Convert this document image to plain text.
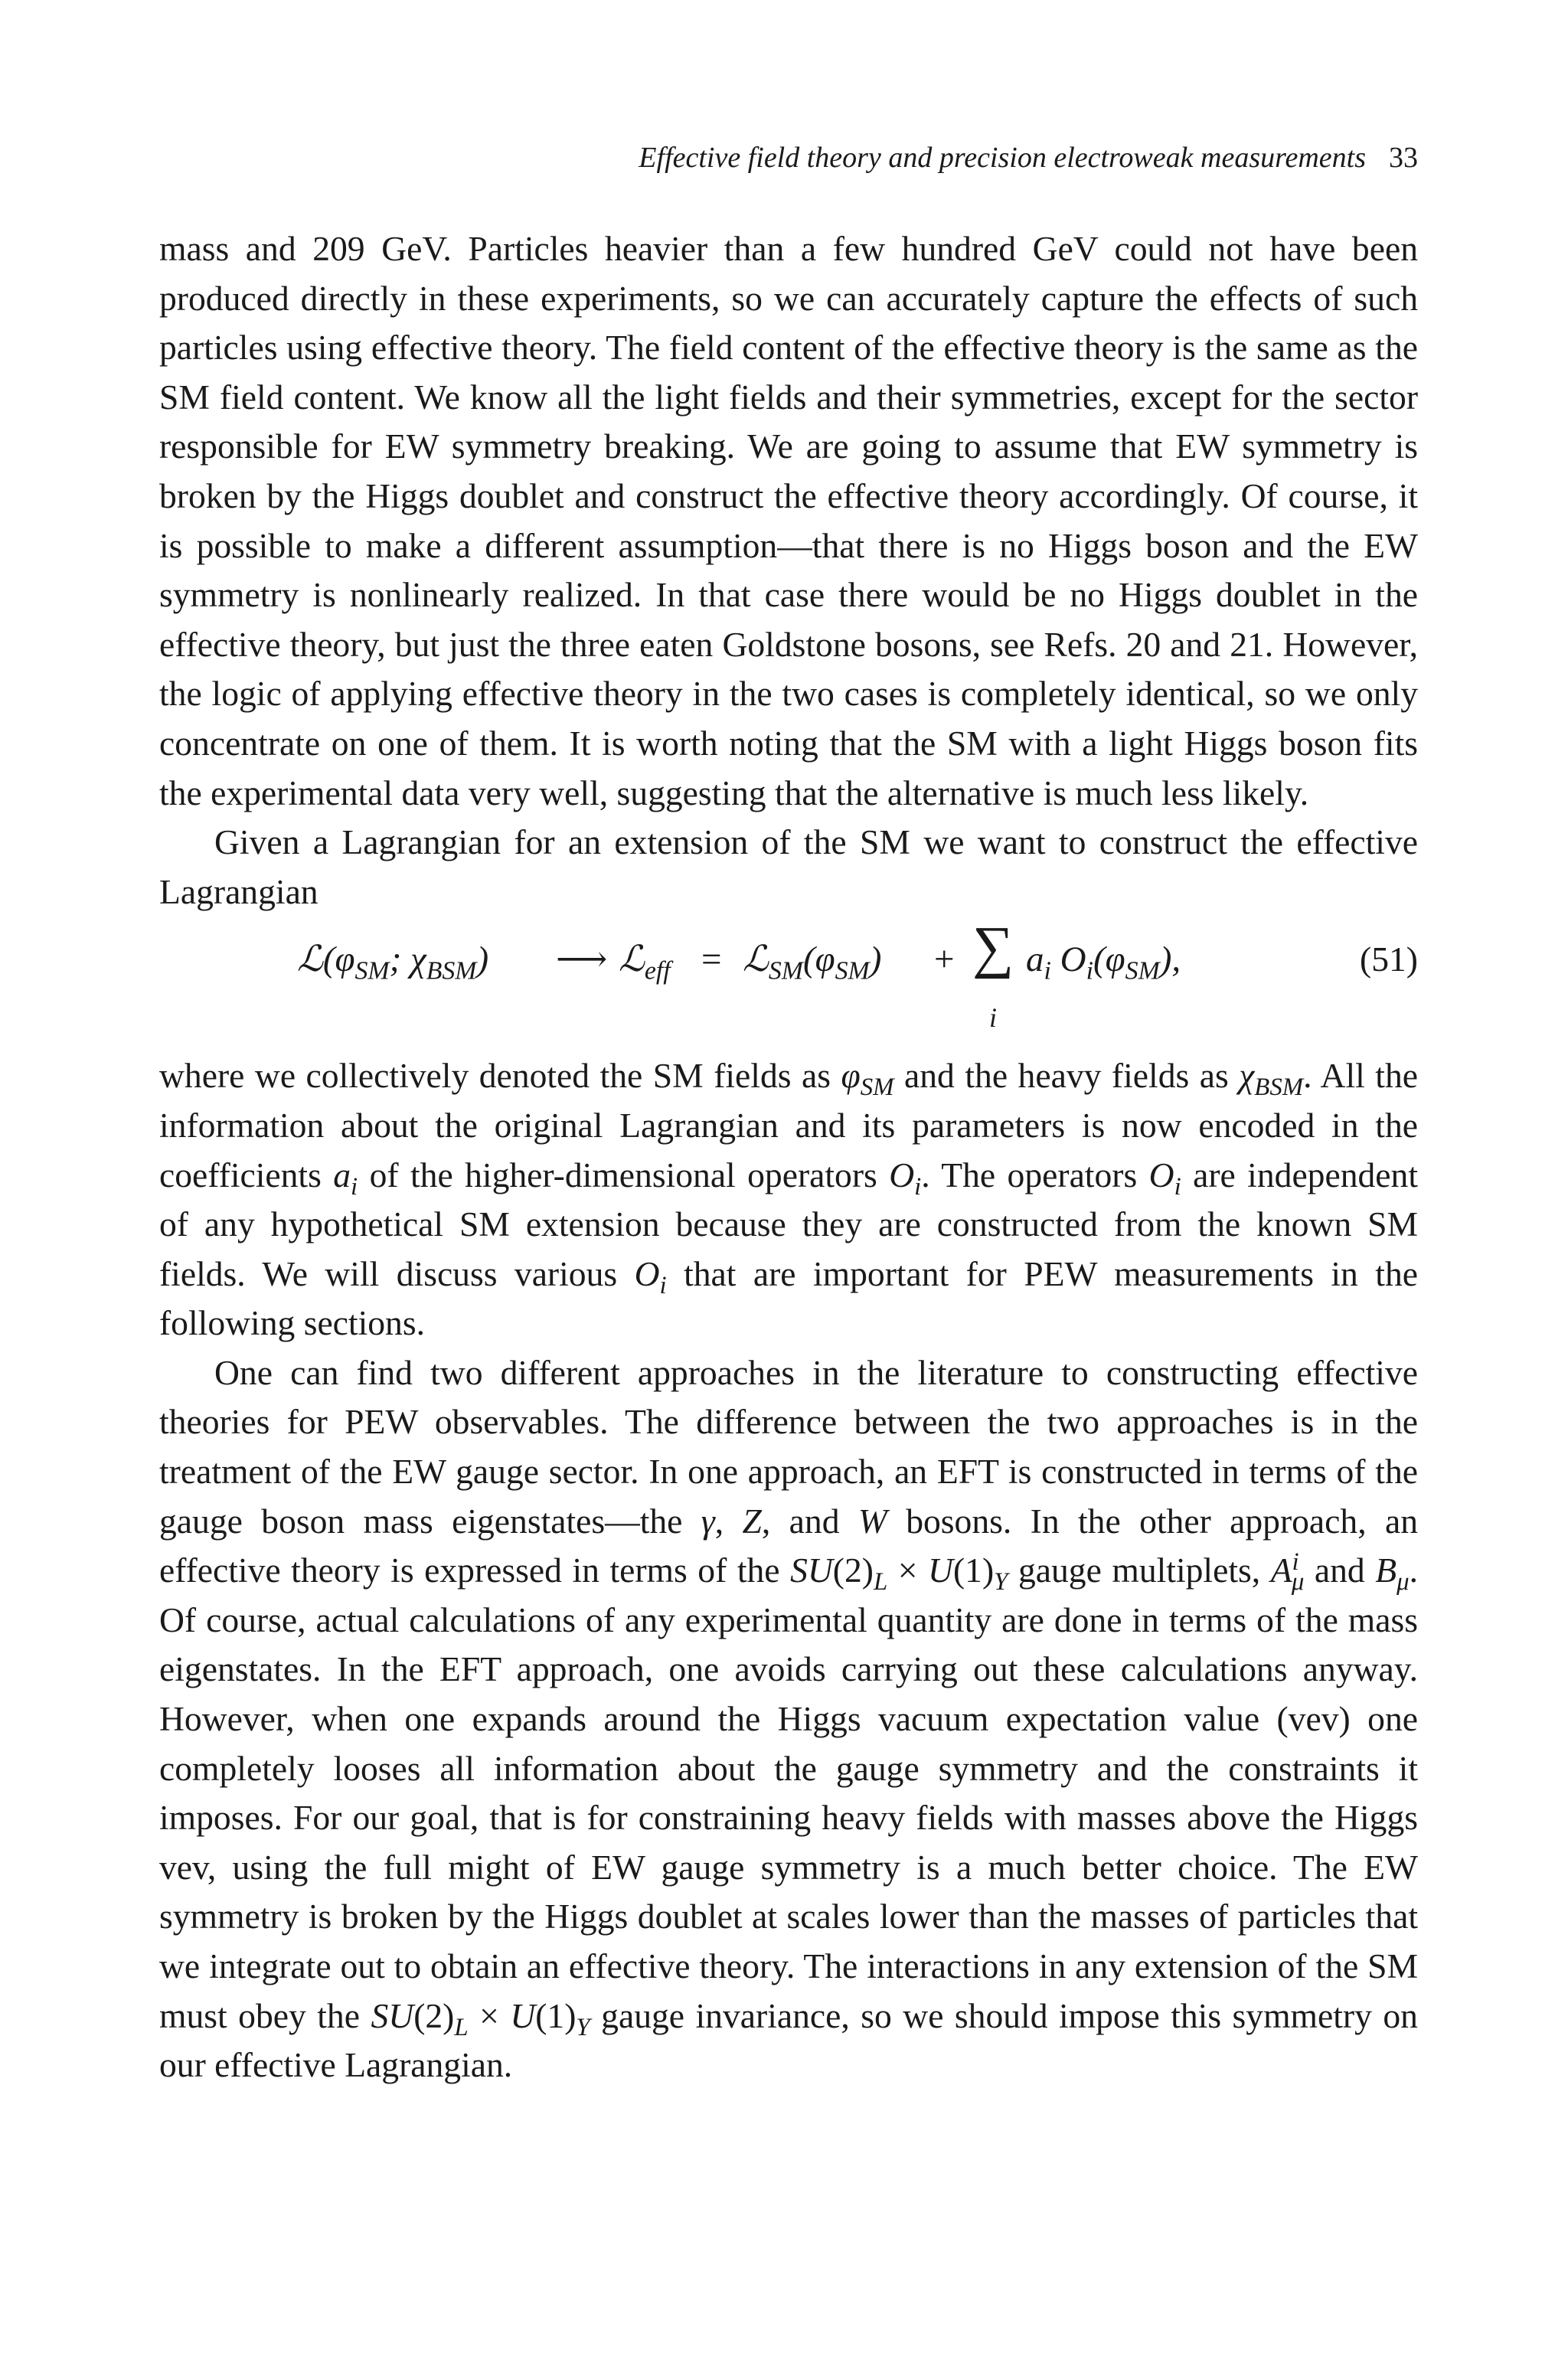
Effective field theory and precision electroweak measurements 33

mass and 209 GeV. Particles heavier than a few hundred GeV could not have been produced directly in these experiments, so we can accurately capture the effects of such particles using effective theory. The field content of the effective theory is the same as the SM field content. We know all the light fields and their symmetries, except for the sector responsible for EW symmetry breaking. We are going to assume that EW symmetry is broken by the Higgs doublet and construct the effective theory accordingly. Of course, it is possible to make a different assumption—that there is no Higgs boson and the EW symmetry is nonlinearly realized. In that case there would be no Higgs doublet in the effective theory, but just the three eaten Goldstone bosons, see Refs. 20 and 21. However, the logic of applying effective theory in the two cases is completely identical, so we only concentrate on one of them. It is worth noting that the SM with a light Higgs boson fits the experimental data very well, suggesting that the alternative is much less likely.

Given a Lagrangian for an extension of the SM we want to construct the effective Lagrangian

$ℒ(\varphi_{SM}$; $\chi_{BSM}$) ⟶ ℒ$_{eff}$ = $ℒ_{SM}(\varphi_{SM})$ + ∑
i
$a_i$ $O_i(\varphi_{SM})$,	(51)

where we collectively denoted the SM fields as $\varphi_{SM}$ and the heavy fields as $\chi_{BSM}$. All the information about the original Lagrangian and its parameters is now encoded in the coefficients $a_i$ of the higher-dimensional operators $O_i$. The operators $O_i$ are independent of any hypothetical SM extension because they are constructed from the known SM fields. We will discuss various $O_i$ that are important for PEW measurements in the following sections.

One can find two different approaches in the literature to constructing effective theories for PEW observables. The difference between the two approaches is in the treatment of the EW gauge sector. In one approach, an EFT is constructed in terms of the gauge boson mass eigenstates—the γ, Z, and W bosons. In the other approach, an effective theory is expressed in terms of the $SU(2)_L \times U(1)_Y$ gauge multiplets, $A^i_\mu$ and $B_\mu$. Of course, actual calculations of any experimental quantity are done in terms of the mass eigenstates. In the EFT approach, one avoids carrying out these calculations anyway. However, when one expands around the Higgs vacuum expectation value (vev) one completely looses all information about the gauge symmetry and the constraints it imposes. For our goal, that is for constraining heavy fields with masses above the Higgs vev, using the full might of EW gauge symmetry is a much better choice. The EW symmetry is broken by the Higgs doublet at scales lower than the masses of particles that we integrate out to obtain an effective theory. The interactions in any extension of the SM must obey the $SU(2)_L \times U(1)_Y$ gauge invariance, so we should impose this symmetry on our effective Lagrangian.
